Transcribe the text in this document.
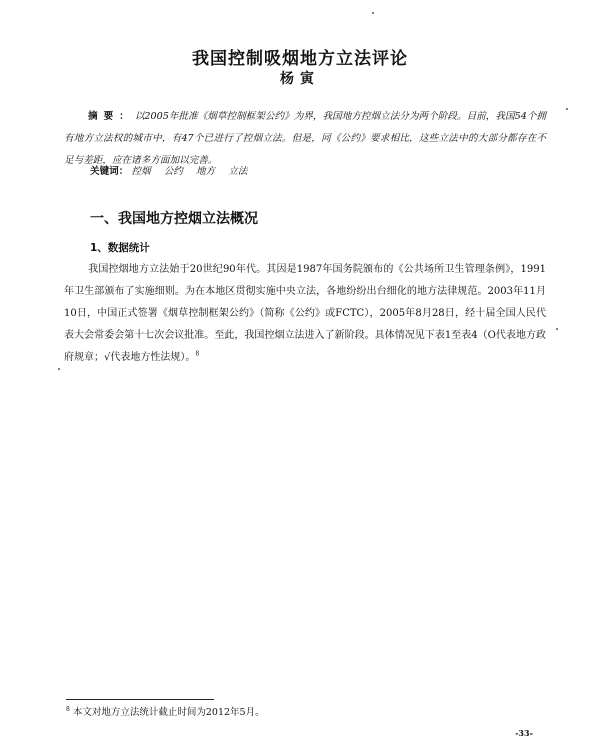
我国控制吸烟地方立法评论
杨寅
摘要：以2005年批准《烟草控制框架公约》为界，我国地方控烟立法分为两个阶段。目前，我国54个拥有地方立法权的城市中，有47个已进行了控烟立法。但是，同《公约》要求相比，这些立法中的大部分都存在不足与差距，应在诸多方面加以完善。
关键词： 控烟 公约 地方 立法
一、我国地方控烟立法概况
1、数据统计
我国控烟地方立法始于20世纪90年代。其因是1987年国务院颁布的《公共场所卫生管理条例》，1991年卫生部颁布了实施细则。为在本地区贯彻实施中央立法，各地纷纷出台细化的地方法律规范。2003年11月10日，中国正式签署《烟草控制框架公约》（简称《公约》或FCTC），2005年8月28日，经十届全国人民代表大会常委会第十七次会议批准。至此，我国控烟立法进入了新阶段。具体情况见下表1至表4（O代表地方政府规章；√代表地方性法规）。$^8$
$^8$ 本文对地方立法统计截止时间为2012年5月。
-33-
